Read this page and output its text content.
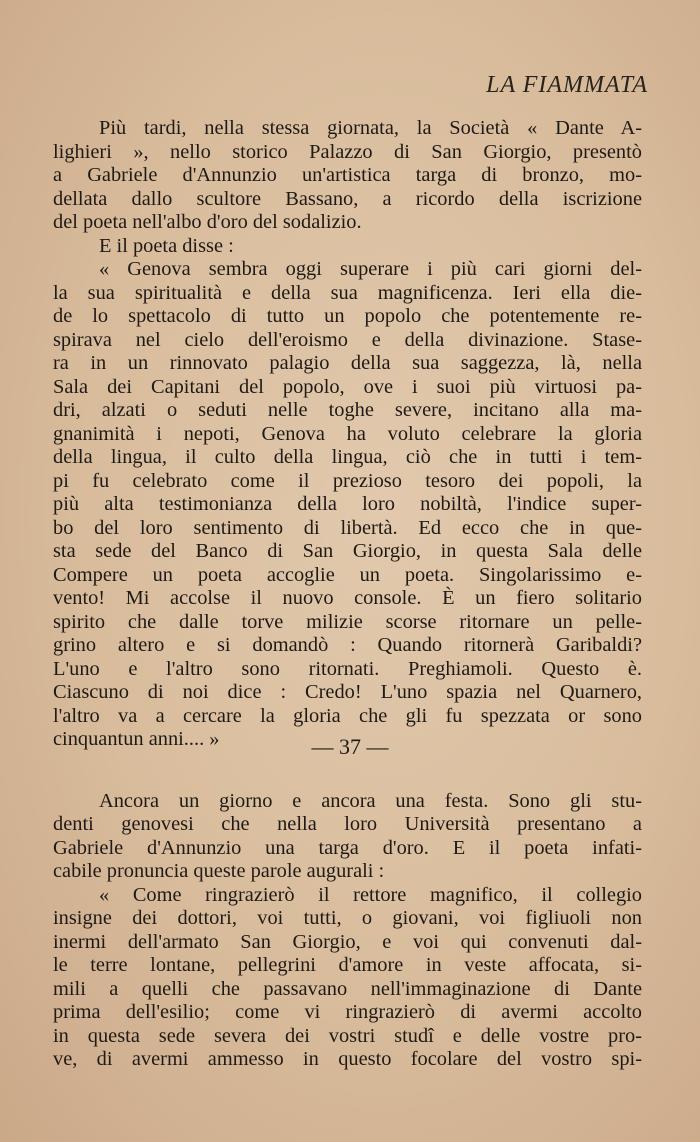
LA FIAMMATA
Più tardi, nella stessa giornata, la Società « Dante A-
lighieri », nello storico Palazzo di San Giorgio, presentò
a Gabriele d'Annunzio un'artistica targa di bronzo, mo-
dellata dallo scultore Bassano, a ricordo della iscrizione
del poeta nell'albo d'oro del sodalizio.
E il poeta disse :
« Genova sembra oggi superare i più cari giorni del-
la sua spiritualità e della sua magnificenza. Ieri ella die-
de lo spettacolo di tutto un popolo che potentemente re-
spirava nel cielo dell'eroismo e della divinazione. Stase-
ra in un rinnovato palagio della sua saggezza, là, nella
Sala dei Capitani del popolo, ove i suoi più virtuosi pa-
dri, alzati o seduti nelle toghe severe, incitano alla ma-
gnanimità i nepoti, Genova ha voluto celebrare la gloria
della lingua, il culto della lingua, ciò che in tutti i tem-
pi fu celebrato come il prezioso tesoro dei popoli, la
più alta testimonianza della loro nobiltà, l'indice super-
bo del loro sentimento di libertà. Ed ecco che in que-
sta sede del Banco di San Giorgio, in questa Sala delle
Compere un poeta accoglie un poeta. Singolarissimo e-
vento! Mi accolse il nuovo console. È un fiero solitario
spirito che dalle torve milizie scorse ritornare un pelle-
grino altero e si domandò : Quando ritornerà Garibaldi?
L'uno e l'altro sono ritornati. Preghiamoli. Questo è.
Ciascuno di noi dice : Credo! L'uno spazia nel Quarnero,
l'altro va a cercare la gloria che gli fu spezzata or sono
cinquantun anni.... »
Ancora un giorno e ancora una festa. Sono gli stu-
denti genovesi che nella loro Università presentano a
Gabriele d'Annunzio una targa d'oro. E il poeta infati-
cabile pronuncia queste parole augurali :
« Come ringrazierò il rettore magnifico, il collegio
insigne dei dottori, voi tutti, o giovani, voi figliuoli non
inermi dell'armato San Giorgio, e voi qui convenuti dal-
le terre lontane, pellegrini d'amore in veste affocata, si-
mili a quelli che passavano nell'immaginazione di Dante
prima dell'esilio; come vi ringrazierò di avermi accolto
in questa sede severa dei vostri studî e delle vostre pro-
ve, di avermi ammesso in questo focolare del vostro spi-
— 37 —
